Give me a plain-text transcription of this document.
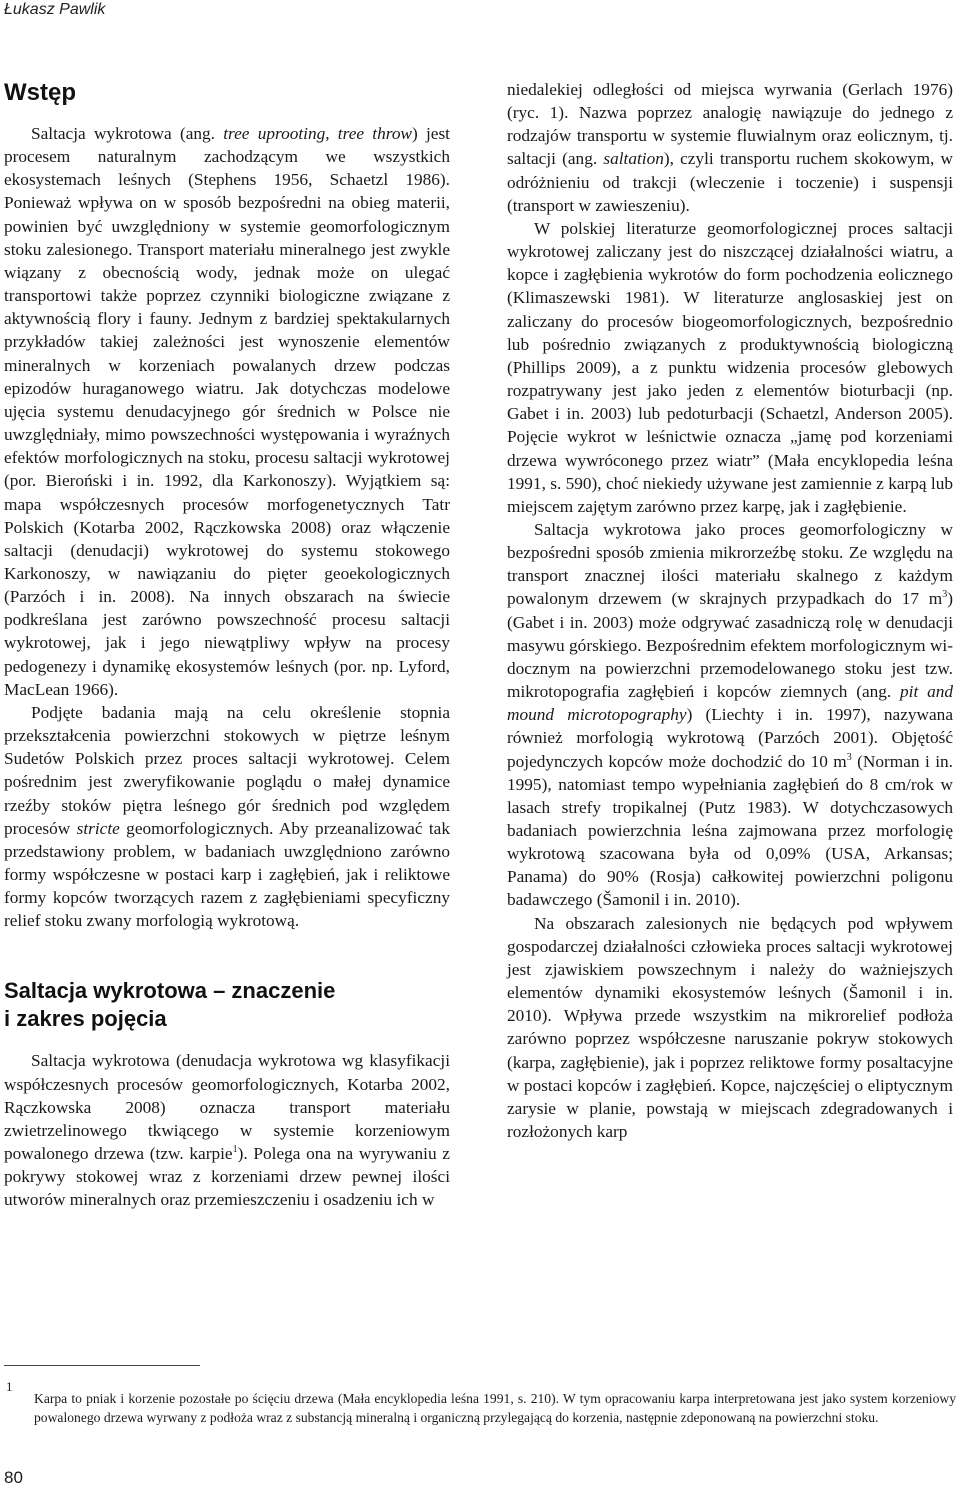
Łukasz Pawlik
Wstęp

Saltacja wykrotowa (ang. tree uprooting, tree throw) jest procesem naturalnym zachodzącym we wszystkich ekosystemach leśnych (Stephens 1956, Schaetzl 1986). Ponieważ wpływa on w sposób bezpośredni na obieg materii, powinien być uwzględniony w systemie geomorfologicznym stoku zalesionego. Transport materiału mineralnego jest zwykle wiązany z obecnością wody, jednak może on ulegać transportowi także poprzez czynniki biologiczne związane z aktywnością flory i fauny. Jednym z bardziej spektakularnych przykładów takiej zależności jest wynoszenie elementów mineralnych w korzeniach powalanych drzew podczas epizodów huraganowego wiatru. Jak dotychczas modelowe ujęcia systemu denudacyjnego gór średnich w Polsce nie uwzględniały, mimo powszechności występowania i wyraźnych efektów morfologicznych na stoku, procesu saltacji wykrotowej (por. Bieroński i in. 1992, dla Karkonoszy). Wyjątkiem są: mapa współczesnych procesów morfogenetycznych Tatr Polskich (Kotarba 2002, Rączkowska 2008) oraz włączenie saltacji (denudacji) wykrotowej do systemu stokowego Karkonoszy, w nawiązaniu do pięter geoekologicznych (Parzóch i in. 2008). Na innych obszarach na świecie podkreślana jest zarówno powszechność procesu saltacji wykrotowej, jak i jego niewątpliwy wpływ na procesy pedogenezy i dynamikę ekosystemów leśnych (por. np. Lyford, MacLean 1966).

Podjęte badania mają na celu określenie stopnia przekształcenia powierzchni stokowych w piętrze leśnym Sudetów Polskich przez proces saltacji wykrotowej. Celem pośrednim jest zweryfikowanie poglądu o małej dynamice rzeźby stoków piętra leśnego gór średnich pod względem procesów stricte geomorfologicznych. Aby przeanalizować tak przedstawiony problem, w badaniach uwzględniono zarówno formy współczesne w postaci karp i zagłębień, jak i reliktowe formy kopców tworzących razem z zagłębieniami specyficzny relief stoku zwany morfologią wykrotową.

Saltacja wykrotowa – znaczenie
i zakres pojęcia

Saltacja wykrotowa (denudacja wykrotowa wg klasyfikacji współczesnych procesów geomorfologicznych, Kotarba 2002, Rączkowska 2008) oznacza transport materiału zwietrzelinowego tkwiącego w systemie korzeniowym powalonego drzewa (tzw. karpie$^1$). Polega ona na wyrywaniu z pokrywy stokowej wraz z korzeniami drzew pewnej ilości utworów mineralnych oraz przemieszczeniu i osadzeniu ich w

niedalekiej odległości od miejsca wyrwania (Gerlach 1976) (ryc. 1). Nazwa poprzez analogię nawiązuje do jednego z rodzajów transportu w systemie fluwialnym oraz eolicznym, tj. saltacji (ang. saltation), czyli transportu ruchem skokowym, w odróżnieniu od trakcji (wleczenie i toczenie) i suspensji (transport w zawieszeniu).

W polskiej literaturze geomorfologicznej proces saltacji wykrotowej zaliczany jest do niszczącej działalności wiatru, a kopce i zagłębienia wykrotów do form pochodzenia eolicznego (Klimaszewski 1981). W literaturze anglosaskiej jest on zaliczany do procesów biogeomorfologicznych, bezpośrednio lub pośrednio związanych z produktywnością biologiczną (Phillips 2009), a z punktu widzenia procesów glebowych rozpatrywany jest jako jeden z elementów bioturbacji (np. Gabet i in. 2003) lub pedoturbacji (Schaetzl, Anderson 2005). Pojęcie wykrot w leśnictwie oznacza „jamę pod korzeniami drzewa wywróconego przez wiatr” (Mała encyklopedia leśna 1991, s. 590), choć niekiedy używane jest zamiennie z karpą lub miejscem zajętym zarówno przez karpę, jak i zagłębienie.

Saltacja wykrotowa jako proces geomorfologiczny w bezpośredni sposób zmienia mikrorzeźbę stoku. Ze względu na transport znacznej ilości materiału skalnego z każdym powalonym drzewem (w skrajnych przypadkach do 17 $m^3$) (Gabet i in. 2003) może odgrywać zasadniczą rolę w denudacji masywu górskiego. Bezpośrednim efektem morfologicznym widocznym na powierzchni przemodelowanego stoku jest tzw. mikrotopografia zagłębień i kopców ziemnych (ang. pit and mound microtopography) (Liechty i in. 1997), nazywana również morfologią wykrotową (Parzóch 2001). Objętość pojedynczych kopców może dochodzić do 10 $m^3$ (Norman i in. 1995), natomiast tempo wypełniania zagłębień do 8 cm/rok w lasach strefy tropikalnej (Putz 1983). W dotychczasowych badaniach powierzchnia leśna zajmowana przez morfologię wykrotową szacowana była od 0,09% (USA, Arkansas; Panama) do 90% (Rosja) całkowitej powierzchni poligonu badawczego (Šamonil i in. 2010).

Na obszarach zalesionych nie będących pod wpływem gospodarczej działalności człowieka proces saltacji wykrotowej jest zjawiskiem powszechnym i należy do ważniejszych elementów dynamiki ekosystemów leśnych (Šamonil i in. 2010). Wpływa przede wszystkim na mikrorelief podłoża zarówno poprzez współczesne naruszanie pokryw stokowych (karpa, zagłębienie), jak i poprzez reliktowe formy posaltacyjne w postaci kopców i zagłębień. Kopce, najczęściej o eliptycznym zarysie w planie, powstają w miejscach zdegradowanych i rozłożonych karp

1
Karpa to pniak i korzenie pozostałe po ścięciu drzewa (Mała encyklopedia leśna 1991, s. 210). W tym opracowaniu karpa interpretowana jest jako system korzeniowy powalonego drzewa wyrwany z podłoża wraz z substancją mineralną i organiczną przylegającą do korzenia, następnie zdeponowaną na powierzchni stoku.
80
